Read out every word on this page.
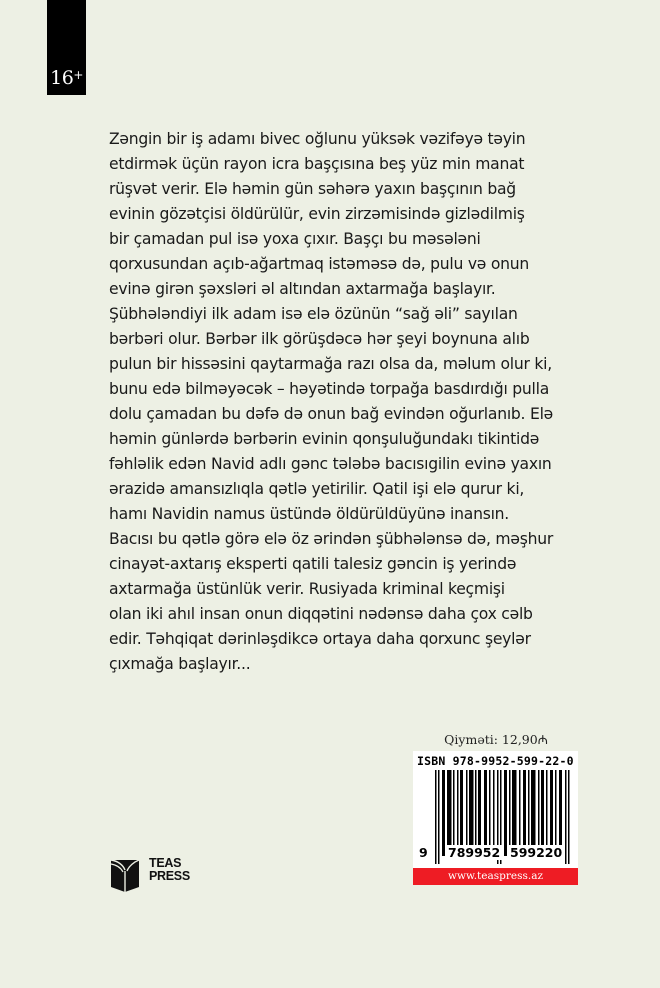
16+

Zəngin bir iş adamı bivec oğlunu yüksək vəzifəyə təyin
etdirmək üçün rayon icra başçısına beş yüz min manat
rüşvət verir. Elə həmin gün səhərə yaxın başçının bağ
evinin gözətçisi öldürülür, evin zirzəmisində gizlədilmiş
bir çamadan pul isə yoxa çıxır. Başçı bu məsələni
qorxusundan açıb-ağartmaq istəməsə də, pulu və onun
evinə girən şəxsləri əl altından axtarmağa başlayır.
Şübhələndiyi ilk adam isə elə özünün “sağ əli” sayılan
bərbəri olur. Bərbər ilk görüşdəcə hər şeyi boynuna alıb
pulun bir hissəsini qaytarmağa razı olsa da, məlum olur ki,
bunu edə bilməyəcək – həyətində torpağa basdırdığı pulla
dolu çamadan bu dəfə də onun bağ evindən oğurlanıb. Elə
həmin günlərdə bərbərin evinin qonşuluğundakı tikintidə
fəhləlik edən Navid adlı gənc tələbə bacısıgilin evinə yaxın
ərazidə amansızlıqla qətlə yetirilir. Qatil işi elə qurur ki,
hamı Navidin namus üstündə öldürüldüyünə inansın.
Bacısı bu qətlə görə elə öz ərindən şübhələnsə də, məşhur
cinayət-axtarış eksperti qatili talesiz gəncin iş yerində
axtarmağa üstünlük verir. Rusiyada kriminal keçmişi
olan iki ahıl insan onun diqqətini nədənsə daha çox cəlb
edir. Təhqiqat dərinləşdikcə ortaya daha qorxunc şeylər
çıxmağa başlayır...

TEAS
PRESS
Qiymәti: 12,90₼
ISBN 978-9952-599-22-0
9 789952 599220
www.teaspress.az
